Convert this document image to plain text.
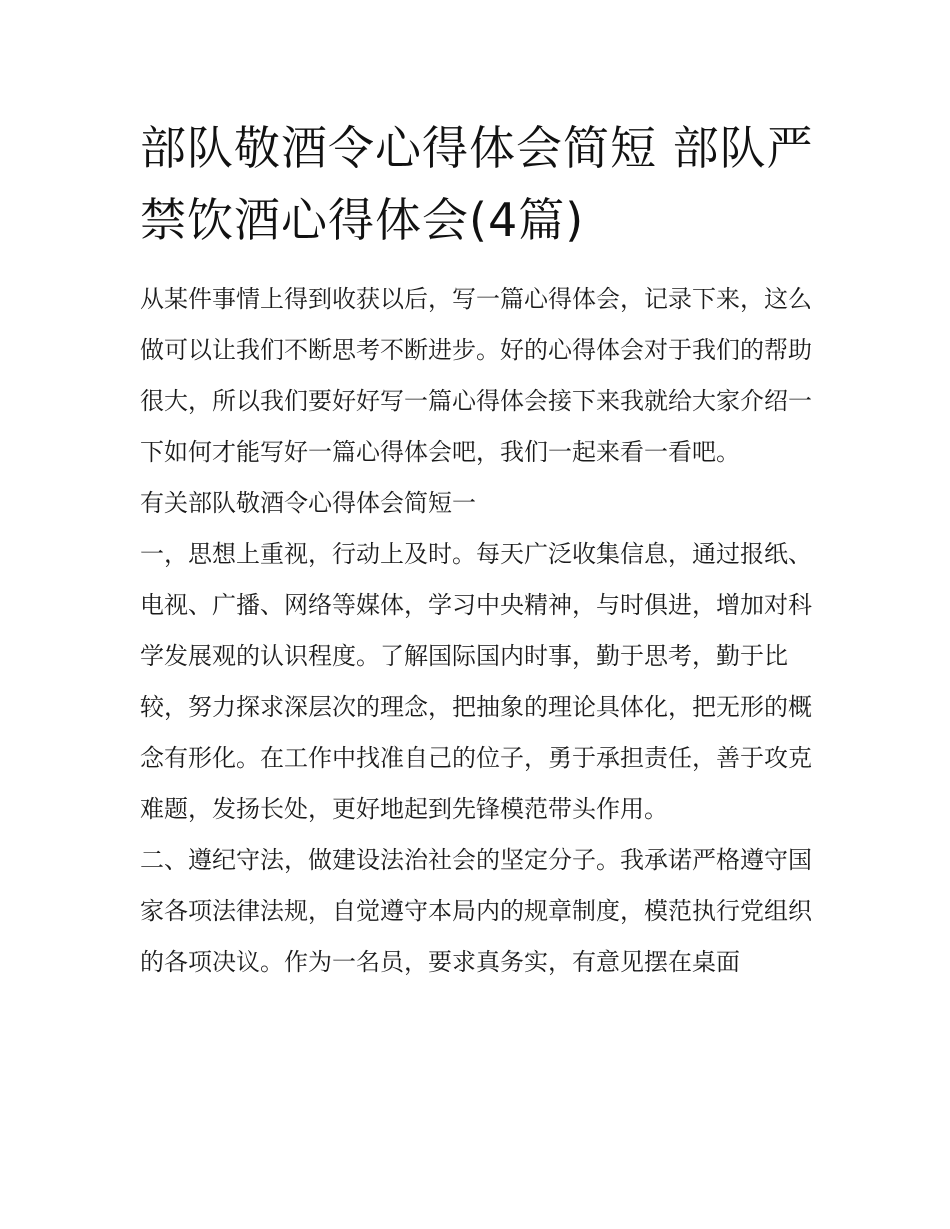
部队敬酒令心得体会简短 部队严禁饮酒心得体会(4篇)

从某件事情上得到收获以后，写一篇心得体会，记录下来，这么做可以让我们不断思考不断进步。好的心得体会对于我们的帮助很大，所以我们要好好写一篇心得体会接下来我就给大家介绍一下如何才能写好一篇心得体会吧，我们一起来看一看吧。

有关部队敬酒令心得体会简短一

一，思想上重视，行动上及时。每天广泛收集信息，通过报纸、电视、广播、网络等媒体，学习中央精神，与时俱进，增加对科学发展观的认识程度。了解国际国内时事，勤于思考，勤于比较，努力探求深层次的理念，把抽象的理论具体化，把无形的概念有形化。在工作中找准自己的位子，勇于承担责任，善于攻克难题，发扬长处，更好地起到先锋模范带头作用。

二、遵纪守法，做建设法治社会的坚定分子。我承诺严格遵守国家各项法律法规，自觉遵守本局内的规章制度，模范执行党组织的各项决议。作为一名员，要求真务实，有意见摆在桌面
